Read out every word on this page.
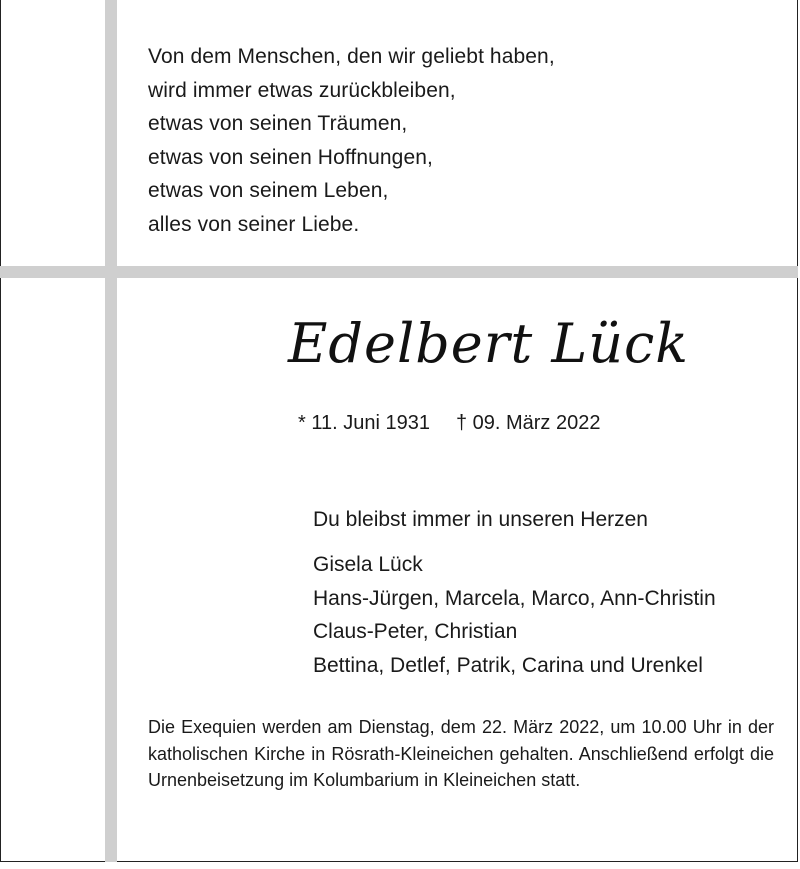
Von dem Menschen, den wir geliebt haben,
wird immer etwas zurückbleiben,
etwas von seinen Träumen,
etwas von seinen Hoffnungen,
etwas von seinem Leben,
alles von seiner Liebe.
Edelbert Lück
* 11. Juni 1931 † 09. März 2022
Du bleibst immer in unseren Herzen
Gisela Lück
Hans-Jürgen, Marcela, Marco, Ann-Christin
Claus-Peter, Christian
Bettina, Detlef, Patrik, Carina und Urenkel
Die Exequien werden am Dienstag, dem 22. März 2022, um 10.00 Uhr in der katholischen Kirche in Rösrath-Kleineichen gehalten. Anschließend erfolgt die Urnenbeisetzung im Kolumbarium in Kleineichen statt.
